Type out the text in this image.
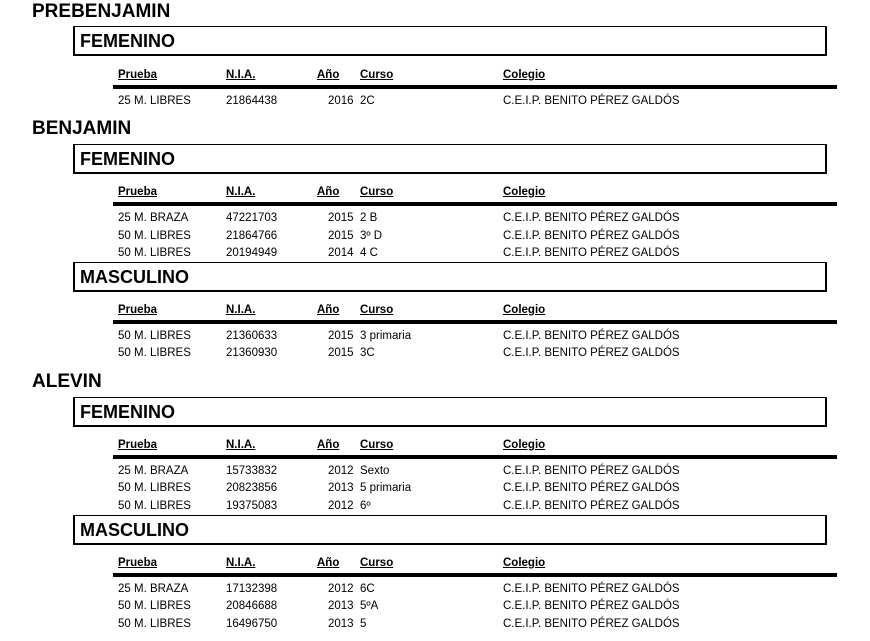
PREBENJAMIN
FEMENINO
Prueba	N.I.A.	Año Curso	Colegio
25 M. LIBRES	21864438	2016 2C	C.E.I.P. BENITO PÉREZ GALDÓS
BENJAMIN
FEMENINO
Prueba	N.I.A.	Año Curso	Colegio
25 M. BRAZA	47221703	2015 2 B	C.E.I.P. BENITO PÉREZ GALDÓS
50 M. LIBRES	21864766	2015 3º D	C.E.I.P. BENITO PÉREZ GALDÓS
50 M. LIBRES	20194949	2014 4 C	C.E.I.P. BENITO PÉREZ GALDÓS
MASCULINO
Prueba	N.I.A.	Año Curso	Colegio
50 M. LIBRES	21360633	2015 3 primaria	C.E.I.P. BENITO PÉREZ GALDÓS
50 M. LIBRES	21360930	2015 3C	C.E.I.P. BENITO PÉREZ GALDÓS
ALEVIN
FEMENINO
Prueba	N.I.A.	Año Curso	Colegio
25 M. BRAZA	15733832	2012 Sexto	C.E.I.P. BENITO PÉREZ GALDÓS
50 M. LIBRES	20823856	2013 5 primaria	C.E.I.P. BENITO PÉREZ GALDÓS
50 M. LIBRES	19375083	2012 6º	C.E.I.P. BENITO PÉREZ GALDÓS
MASCULINO
Prueba	N.I.A.	Año Curso	Colegio
25 M. BRAZA	17132398	2012 6C	C.E.I.P. BENITO PÉREZ GALDÓS
50 M. LIBRES	20846688	2013 5ºA	C.E.I.P. BENITO PÉREZ GALDÓS
50 M. LIBRES	16496750	2013 5	C.E.I.P. BENITO PÉREZ GALDÓS
